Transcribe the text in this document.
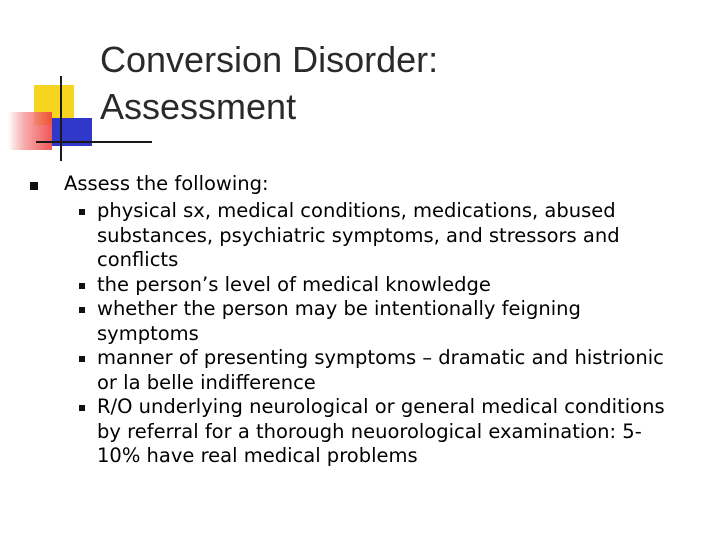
Conversion Disorder:
Assessment
Assess the following:
physical sx, medical conditions, medications, abused substances, psychiatric symptoms, and stressors and conflicts
the person’s level of medical knowledge
whether the person may be intentionally feigning symptoms
manner of presenting symptoms – dramatic and histrionic or la belle indifference
R/O underlying neurological or general medical conditions by referral for a thorough neuorological examination: 5-10% have real medical problems
